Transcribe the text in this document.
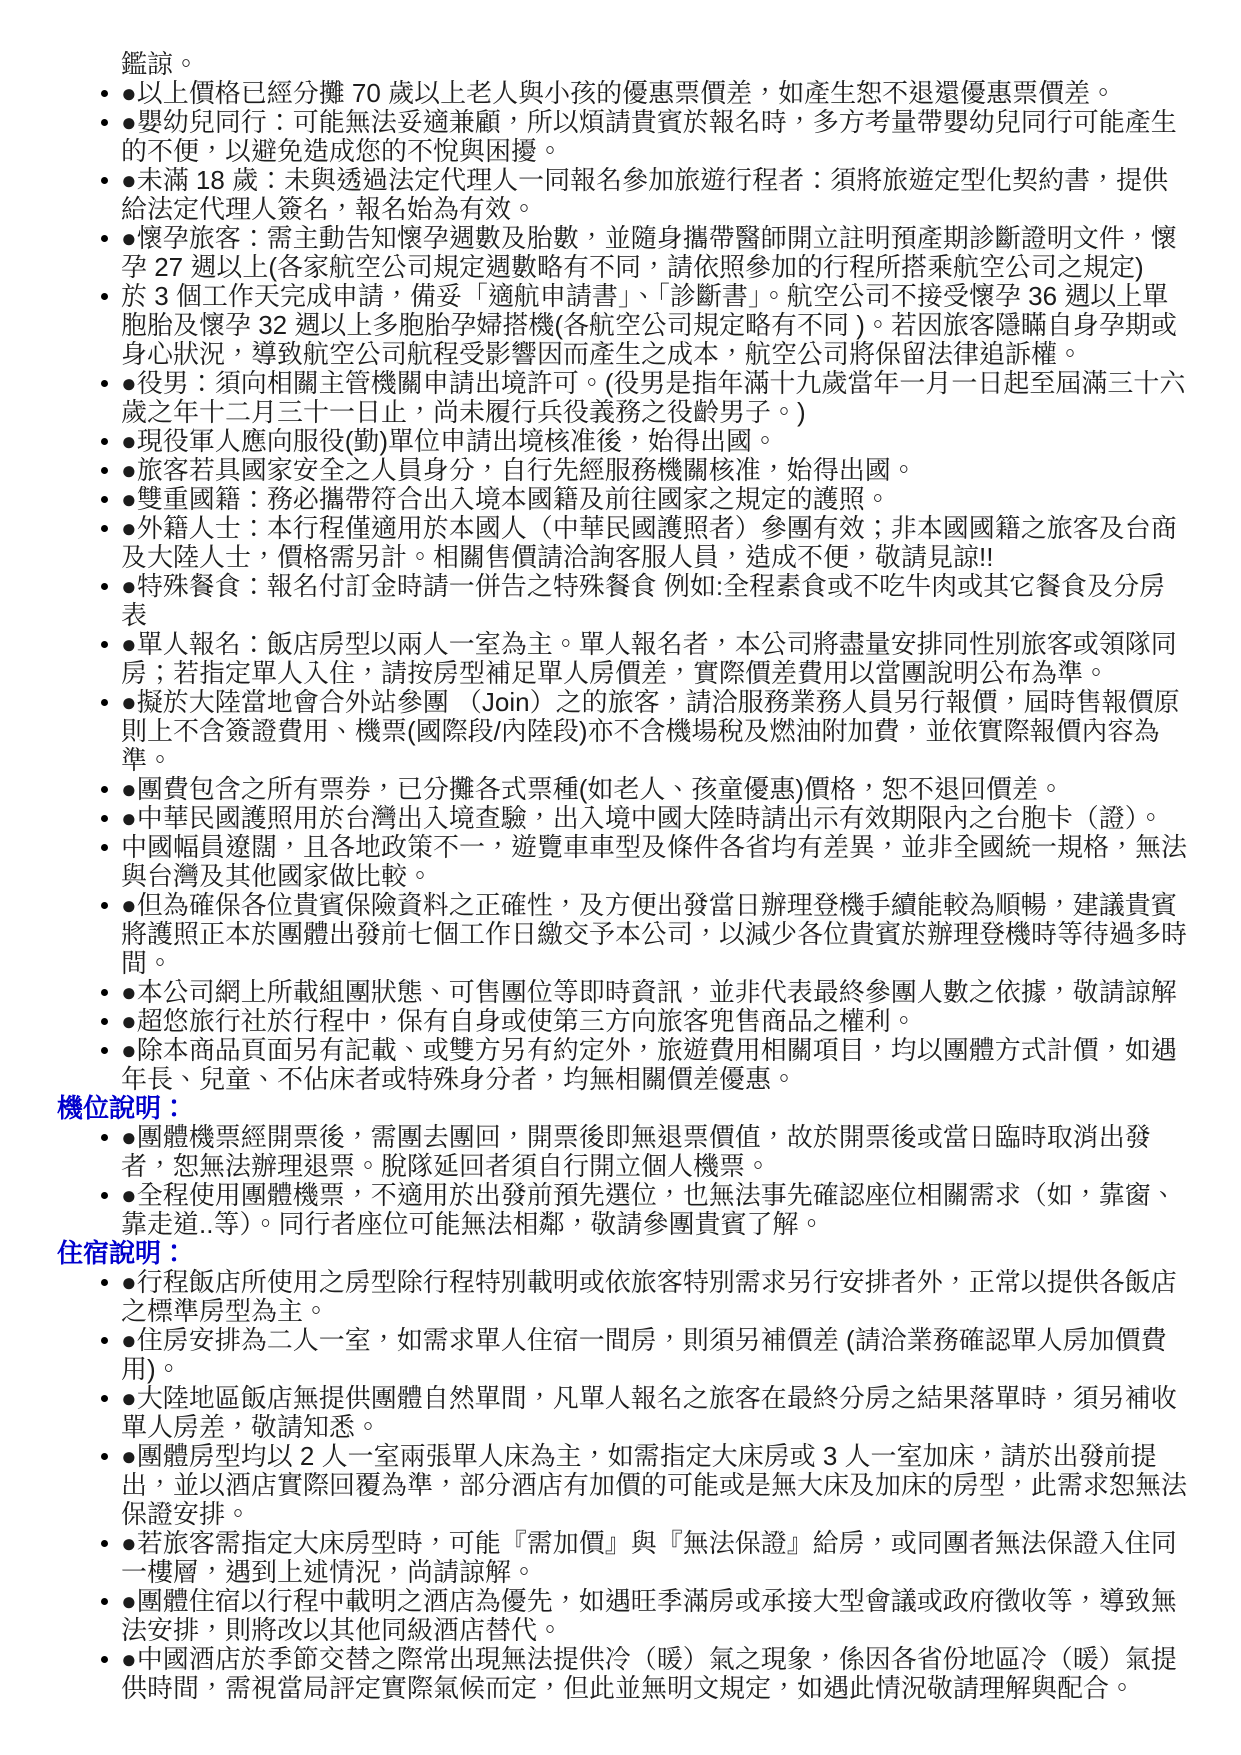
鑑諒。
●以上價格已經分攤 70 歲以上老人與小孩的優惠票價差，如產生恕不退還優惠票價差。
●嬰幼兒同行：可能無法妥適兼顧，所以煩請貴賓於報名時，多方考量帶嬰幼兒同行可能產生的不便，以避免造成您的不悅與困擾。
●未滿 18 歲：未與透過法定代理人一同報名參加旅遊行程者：須將旅遊定型化契約書，提供給法定代理人簽名，報名始為有效。
●懷孕旅客：需主動告知懷孕週數及胎數，並隨身攜帶醫師開立註明預產期診斷證明文件，懷孕 27 週以上(各家航空公司規定週數略有不同，請依照參加的行程所搭乘航空公司之規定)
於 3 個工作天完成申請，備妥「適航申請書」、「診斷書」。航空公司不接受懷孕 36 週以上單胞胎及懷孕 32 週以上多胞胎孕婦搭機(各航空公司規定略有不同 )。若因旅客隱瞞自身孕期或身心狀況，導致航空公司航程受影響因而產生之成本，航空公司將保留法律追訴權。
●役男：須向相關主管機關申請出境許可。(役男是指年滿十九歲當年一月一日起至屆滿三十六歲之年十二月三十一日止，尚未履行兵役義務之役齡男子。)
●現役軍人應向服役(勤)單位申請出境核准後，始得出國。
●旅客若具國家安全之人員身分，自行先經服務機關核准，始得出國。
●雙重國籍：務必攜帶符合出入境本國籍及前往國家之規定的護照。
●外籍人士：本行程僅適用於本國人（中華民國護照者）參團有效；非本國國籍之旅客及台商及大陸人士，價格需另計。相關售價請洽詢客服人員，造成不便，敬請見諒!!
●特殊餐食：報名付訂金時請一併告之特殊餐食 例如:全程素食或不吃牛肉或其它餐食及分房表
●單人報名：飯店房型以兩人一室為主。單人報名者，本公司將盡量安排同性別旅客或領隊同房；若指定單人入住，請按房型補足單人房價差，實際價差費用以當團說明公布為準。
●擬於大陸當地會合外站參團 （Join）之的旅客，請洽服務業務人員另行報價，屆時售報價原則上不含簽證費用、機票(國際段/內陸段)亦不含機場稅及燃油附加費，並依實際報價內容為準。
●團費包含之所有票券，已分攤各式票種(如老人、孩童優惠)價格，恕不退回價差。
●中華民國護照用於台灣出入境查驗，出入境中國大陸時請出示有效期限內之台胞卡（證）。
中國幅員遼闊，且各地政策不一，遊覽車車型及條件各省均有差異，並非全國統一規格，無法與台灣及其他國家做比較。
●但為確保各位貴賓保險資料之正確性，及方便出發當日辦理登機手續能較為順暢，建議貴賓將護照正本於團體出發前七個工作日繳交予本公司，以減少各位貴賓於辦理登機時等待過多時間。
●本公司網上所載組團狀態、可售團位等即時資訊，並非代表最終參團人數之依據，敬請諒解
●超悠旅行社於行程中，保有自身或使第三方向旅客兜售商品之權利。
●除本商品頁面另有記載、或雙方另有約定外，旅遊費用相關項目，均以團體方式計價，如遇年長、兒童、不佔床者或特殊身分者，均無相關價差優惠。
機位說明：
●團體機票經開票後，需團去團回，開票後即無退票價值，故於開票後或當日臨時取消出發者，恕無法辦理退票。脫隊延回者須自行開立個人機票。
●全程使用團體機票，不適用於出發前預先選位，也無法事先確認座位相關需求（如，靠窗、靠走道..等）。同行者座位可能無法相鄰，敬請參團貴賓了解。
住宿說明：
●行程飯店所使用之房型除行程特別載明或依旅客特別需求另行安排者外，正常以提供各飯店之標準房型為主。
●住房安排為二人一室，如需求單人住宿一間房，則須另補價差 (請洽業務確認單人房加價費用)。
●大陸地區飯店無提供團體自然單間，凡單人報名之旅客在最終分房之結果落單時，須另補收單人房差，敬請知悉。
●團體房型均以 2 人一室兩張單人床為主，如需指定大床房或 3 人一室加床，請於出發前提出，並以酒店實際回覆為準，部分酒店有加價的可能或是無大床及加床的房型，此需求恕無法保證安排。
●若旅客需指定大床房型時，可能『需加價』與『無法保證』給房，或同團者無法保證入住同一樓層，遇到上述情況，尚請諒解。
●團體住宿以行程中載明之酒店為優先，如遇旺季滿房或承接大型會議或政府徵收等，導致無法安排，則將改以其他同級酒店替代。
●中國酒店於季節交替之際常出現無法提供冷（暖）氣之現象，係因各省份地區冷（暖）氣提供時間，需視當局評定實際氣候而定，但此並無明文規定，如遇此情況敬請理解與配合。
